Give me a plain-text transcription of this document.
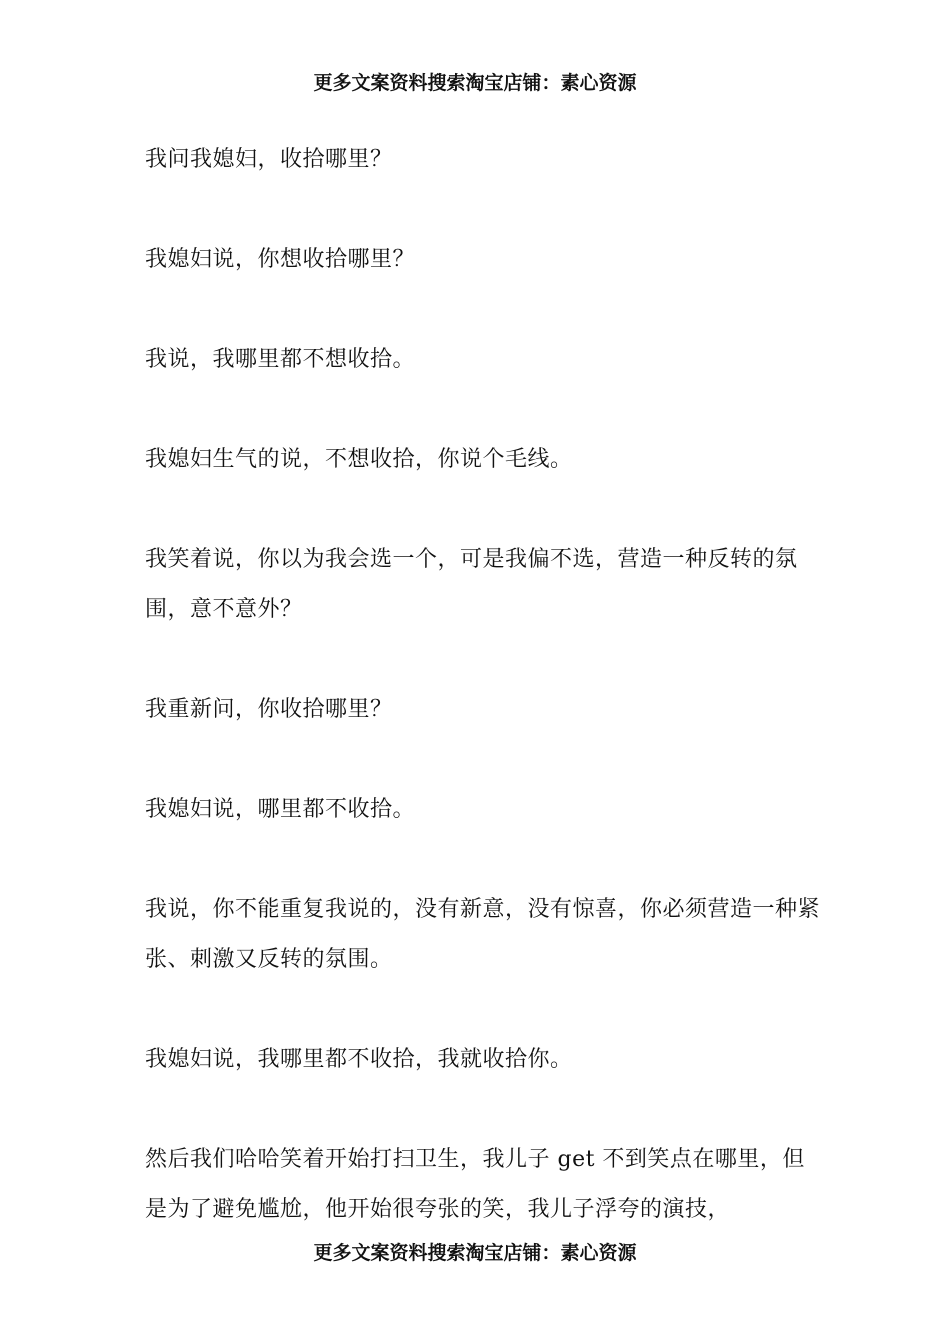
更多文案资料搜索淘宝店铺：素心资源

我问我媳妇，收拾哪里？

我媳妇说，你想收拾哪里？

我说，我哪里都不想收拾。

我媳妇生气的说，不想收拾，你说个毛线。

我笑着说，你以为我会选一个，可是我偏不选，营造一种反转的氛围，意不意外？

我重新问，你收拾哪里？

我媳妇说，哪里都不收拾。

我说，你不能重复我说的，没有新意，没有惊喜，你必须营造一种紧张、刺激又反转的氛围。

我媳妇说，我哪里都不收拾，我就收拾你。

然后我们哈哈笑着开始打扫卫生，我儿子 get 不到笑点在哪里，但是为了避免尴尬，他开始很夸张的笑，我儿子浮夸的演技，

更多文案资料搜索淘宝店铺：素心资源
